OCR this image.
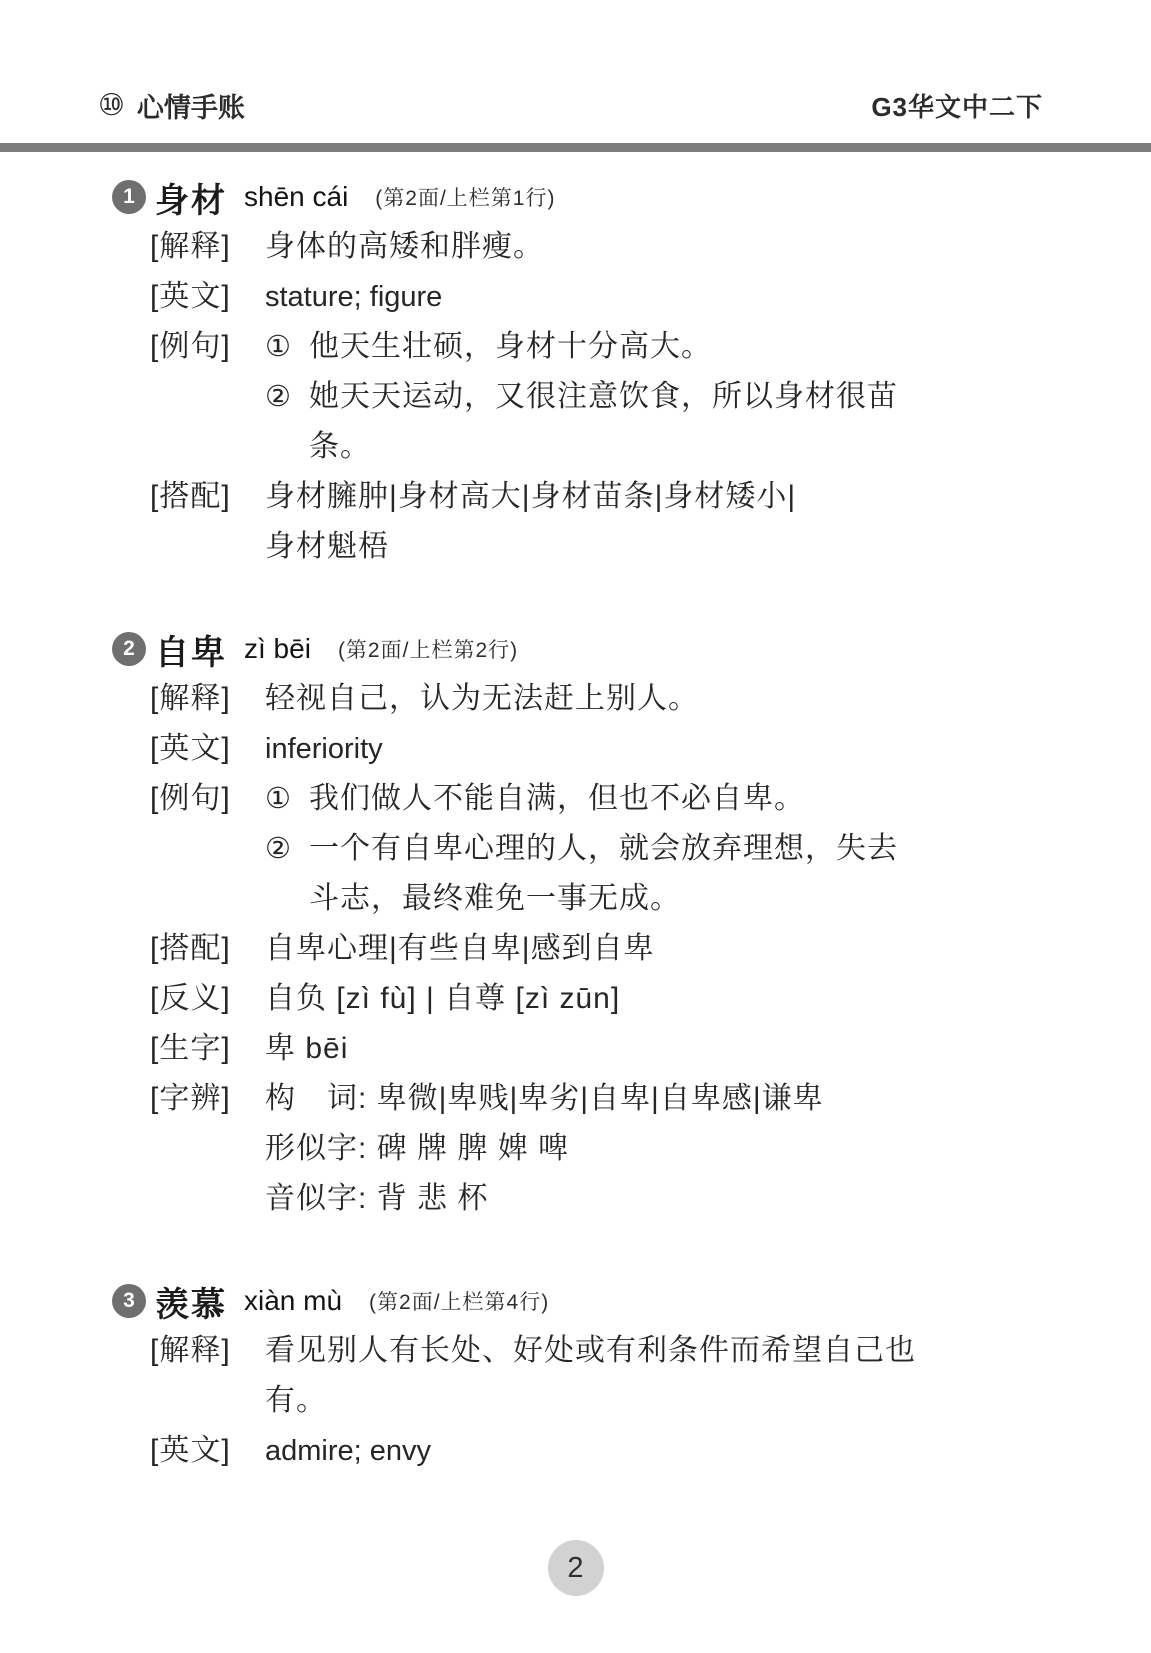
⑩ 心情手账	G3华文中二下
1 身材 shēn cái (第2面/上栏第1行)
[解释]	身体的高矮和胖瘦。
[英文]	stature; figure
[例句]	① 他天生壮硕，身材十分高大。
② 她天天运动，又很注意饮食，所以身材很苗
条。
[搭配]	身材臃肿|身材高大|身材苗条|身材矮小|
身材魁梧
2 自卑 zì bēi (第2面/上栏第2行)
[解释]	轻视自己，认为无法赶上别人。
[英文]	inferiority
[例句]	① 我们做人不能自满，但也不必自卑。
② 一个有自卑心理的人，就会放弃理想，失去
斗志，最终难免一事无成。
[搭配]	自卑心理|有些自卑|感到自卑
[反义]	自负 [zì fù] | 自尊 [zì zūn]
[生字]	卑 bēi
[字辨]	构　词: 卑微|卑贱|卑劣|自卑|自卑感|谦卑
形似字: 碑 牌 脾 婢 啤
音似字: 背 悲 杯
3 羡慕 xiàn mù (第2面/上栏第4行)
[解释]	看见别人有长处、好处或有利条件而希望自己也
有。
[英文]	admire; envy
2
